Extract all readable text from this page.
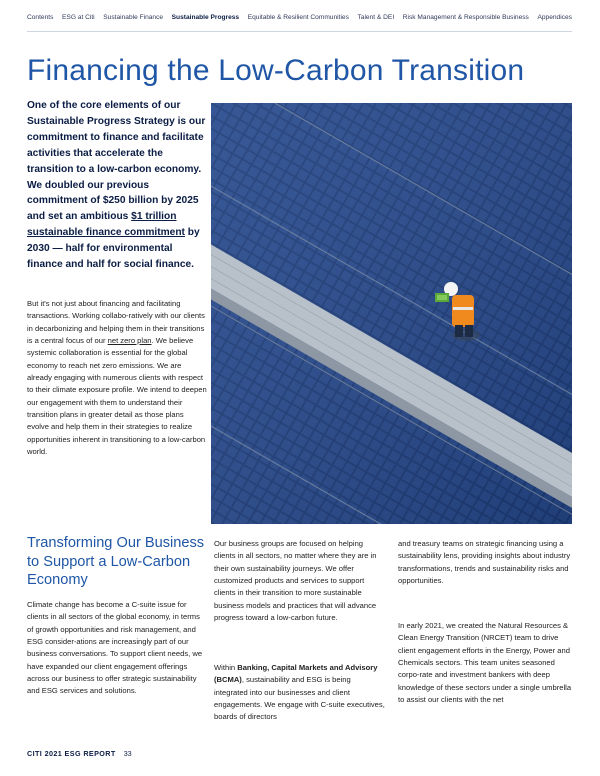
Contents ESG at Citi Sustainable Finance Sustainable Progress Equitable & Resilient Communities Talent & DEI Risk Management & Responsible Business Appendices
Financing the Low-Carbon Transition
One of the core elements of our Sustainable Progress Strategy is our commitment to finance and facilitate activities that accelerate the transition to a low-carbon economy. We doubled our previous commitment of $250 billion by 2025 and set an ambitious $1 trillion sustainable finance commitment by 2030 — half for environmental finance and half for social finance.
But it's not just about financing and facilitating transactions. Working collabo-ratively with our clients in decarbonizing and helping them in their transitions is a central focus of our net zero plan. We believe systemic collaboration is essential for the global economy to reach net zero emissions. We are already engaging with numerous clients with respect to their climate exposure profile. We intend to deepen our engagement with them to understand their transition plans in greater detail as those plans evolve and help them in their strategies to realize opportunities inherent in transitioning to a low-carbon world.
Transforming Our Business to Support a Low-Carbon Economy
Climate change has become a C-suite issue for clients in all sectors of the global economy, in terms of growth opportunities and risk management, and ESG consider-ations are increasingly part of our business conversations. To support client needs, we have expanded our client engagement offerings across our business to offer strategic sustainability and ESG services and solutions.
Our business groups are focused on helping clients in all sectors, no matter where they are in their own sustainability journeys. We offer customized products and services to support clients in their transition to more sustainable business models and practices that will advance progress toward a low-carbon future.
Within Banking, Capital Markets and Advisory (BCMA), sustainability and ESG is being integrated into our businesses and client engagements. We engage with C-suite executives, boards of directors
and treasury teams on strategic financing using a sustainability lens, providing insights about industry transformations, trends and sustainability risks and opportunities.
In early 2021, we created the Natural Resources & Clean Energy Transition (NRCET) team to drive client engagement efforts in the Energy, Power and Chemicals sectors. This team unites seasoned corpo-rate and investment bankers with deep knowledge of these sectors under a single umbrella to assist our clients with the net
CITI 2021 ESG REPORT 33
